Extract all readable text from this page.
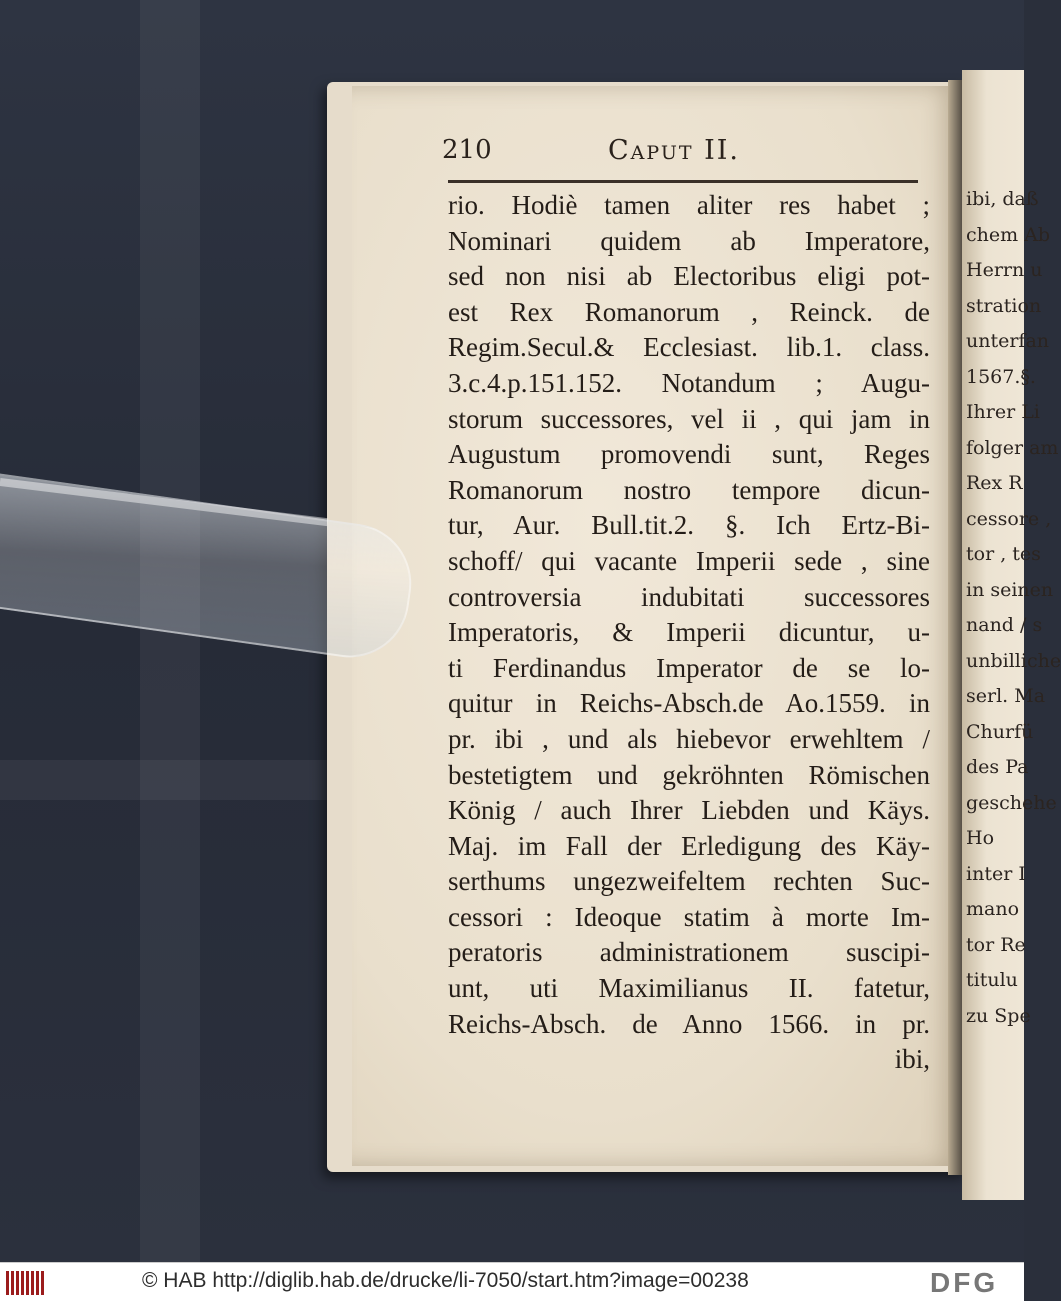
ibi, daß
chem Ab
Herrn u
stration
unterfan
1567.§.
Ihrer Li
folger am
Rex R
cessore ,
tor , tes
in seinen
nand / s
unbilliche
serl. Ma
Churfü
des Pa
geschehe
Ho
inter I
mano
tor Re
titulu
zu Spe
210	Caput II.
rio. Hodiè tamen aliter res habet ;
Nominari quidem ab Imperatore,
sed non nisi ab Electoribus eligi pot-
est Rex Romanorum , Reinck. de
Regim.Secul.& Ecclesiast. lib.1. class.
3.c.4.p.151.152. Notandum ; Augu-
storum successores, vel ii , qui jam in
Augustum promovendi sunt, Reges
Romanorum nostro tempore dicun-
tur, Aur. Bull.tit.2. §. Ich Ertz-Bi-
schoff/ qui vacante Imperii sede , sine
controversia indubitati successores
Imperatoris, & Imperii dicuntur, u-
ti Ferdinandus Imperator de se lo-
quitur in Reichs-Absch.de Ao.1559. in
pr. ibi , und als hiebevor erwehltem /
bestetigtem und gekröhnten Römischen
König / auch Ihrer Liebden und Käys.
Maj. im Fall der Erledigung des Käy-
serthums ungezweifeltem rechten Suc-
cessori : Ideoque statim à morte Im-
peratoris administrationem suscipi-
unt, uti Maximilianus II. fatetur,
Reichs-Absch. de Anno 1566. in pr.
ibi,
© HAB http://diglib.hab.de/drucke/li-7050/start.htm?image=00238	DFG
